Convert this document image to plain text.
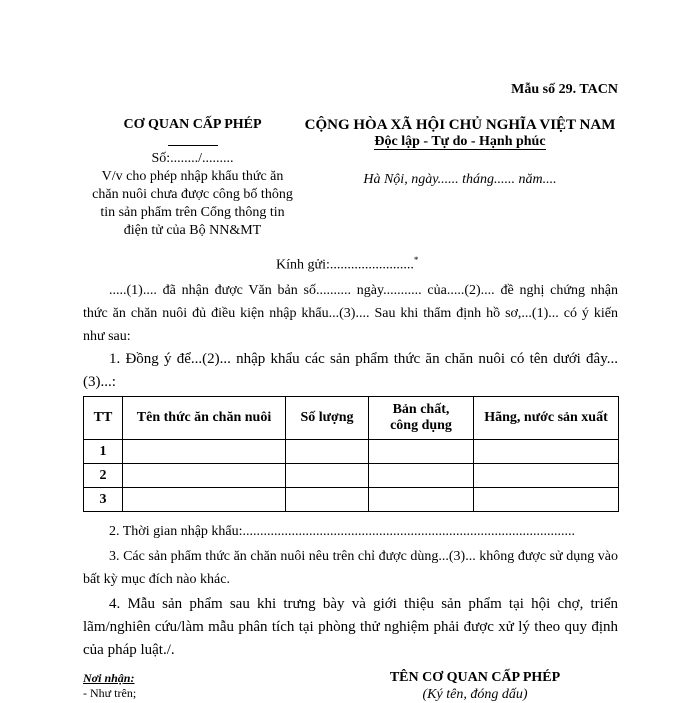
Mẫu số 29. TACN
CƠ QUAN CẤP PHÉP
Số:......../.........
V/v cho phép nhập khẩu thức ăn
chăn nuôi chưa được công bố thông
tin sản phẩm trên Cổng thông tin
điện tử của Bộ NN&MT
CỘNG HÒA XÃ HỘI CHỦ NGHĨA VIỆT NAM
Độc lập - Tự do - Hạnh phúc
Hà Nội, ngày...... tháng...... năm....
Kính gửi:........................*
.....(1).... đã nhận được Văn bản số.......... ngày........... của.....(2).... đề nghị chứng nhận thức ăn chăn nuôi đủ điều kiện nhập khẩu...(3).... Sau khi thẩm định hồ sơ,...(1)... có ý kiến như sau:
1. Đồng ý để...(2)... nhập khẩu các sản phẩm thức ăn chăn nuôi có tên dưới đây...(3)...:
TT	Tên thức ăn chăn nuôi	Số lượng	Bản chất, công dụng	Hãng, nước sản xuất
1				
2				
3				
2. Thời gian nhập khẩu:...............................................................................................
3. Các sản phẩm thức ăn chăn nuôi nêu trên chỉ được dùng...(3)... không được sử dụng vào bất kỳ mục đích nào khác.
4. Mẫu sản phẩm sau khi trưng bày và giới thiệu sản phẩm tại hội chợ, triển lãm/nghiên cứu/làm mẫu phân tích tại phòng thử nghiệm phải được xử lý theo quy định của pháp luật./.
Nơi nhận:
- Như trên;
TÊN CƠ QUAN CẤP PHÉP
(Ký tên, đóng dấu)
